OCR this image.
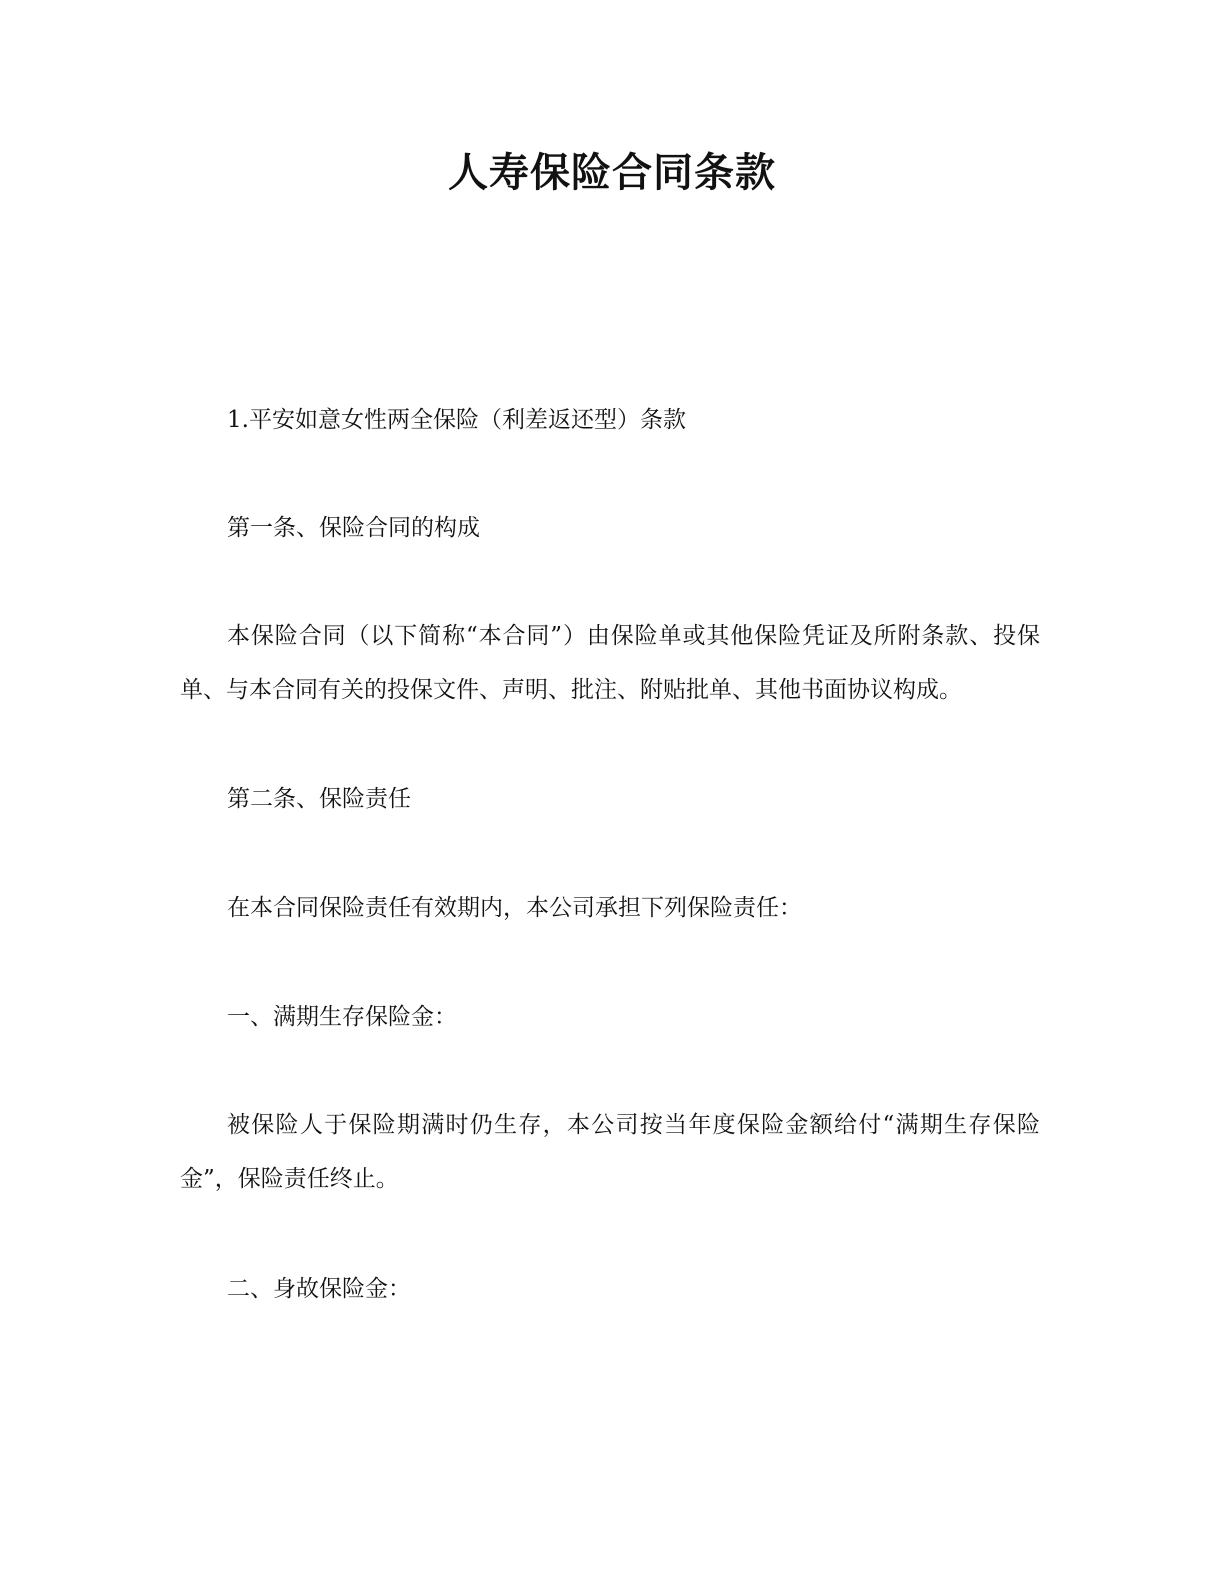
人寿保险合同条款

1.平安如意女性两全保险（利差返还型）条款

第一条、保险合同的构成

本保险合同（以下简称“本合同”）由保险单或其他保险凭证及所附条款、投保单、与本合同有关的投保文件、声明、批注、附贴批单、其他书面协议构成。

第二条、保险责任

在本合同保险责任有效期内，本公司承担下列保险责任：

一、满期生存保险金：

被保险人于保险期满时仍生存，本公司按当年度保险金额给付“满期生存保险金”，保险责任终止。

二、身故保险金：
